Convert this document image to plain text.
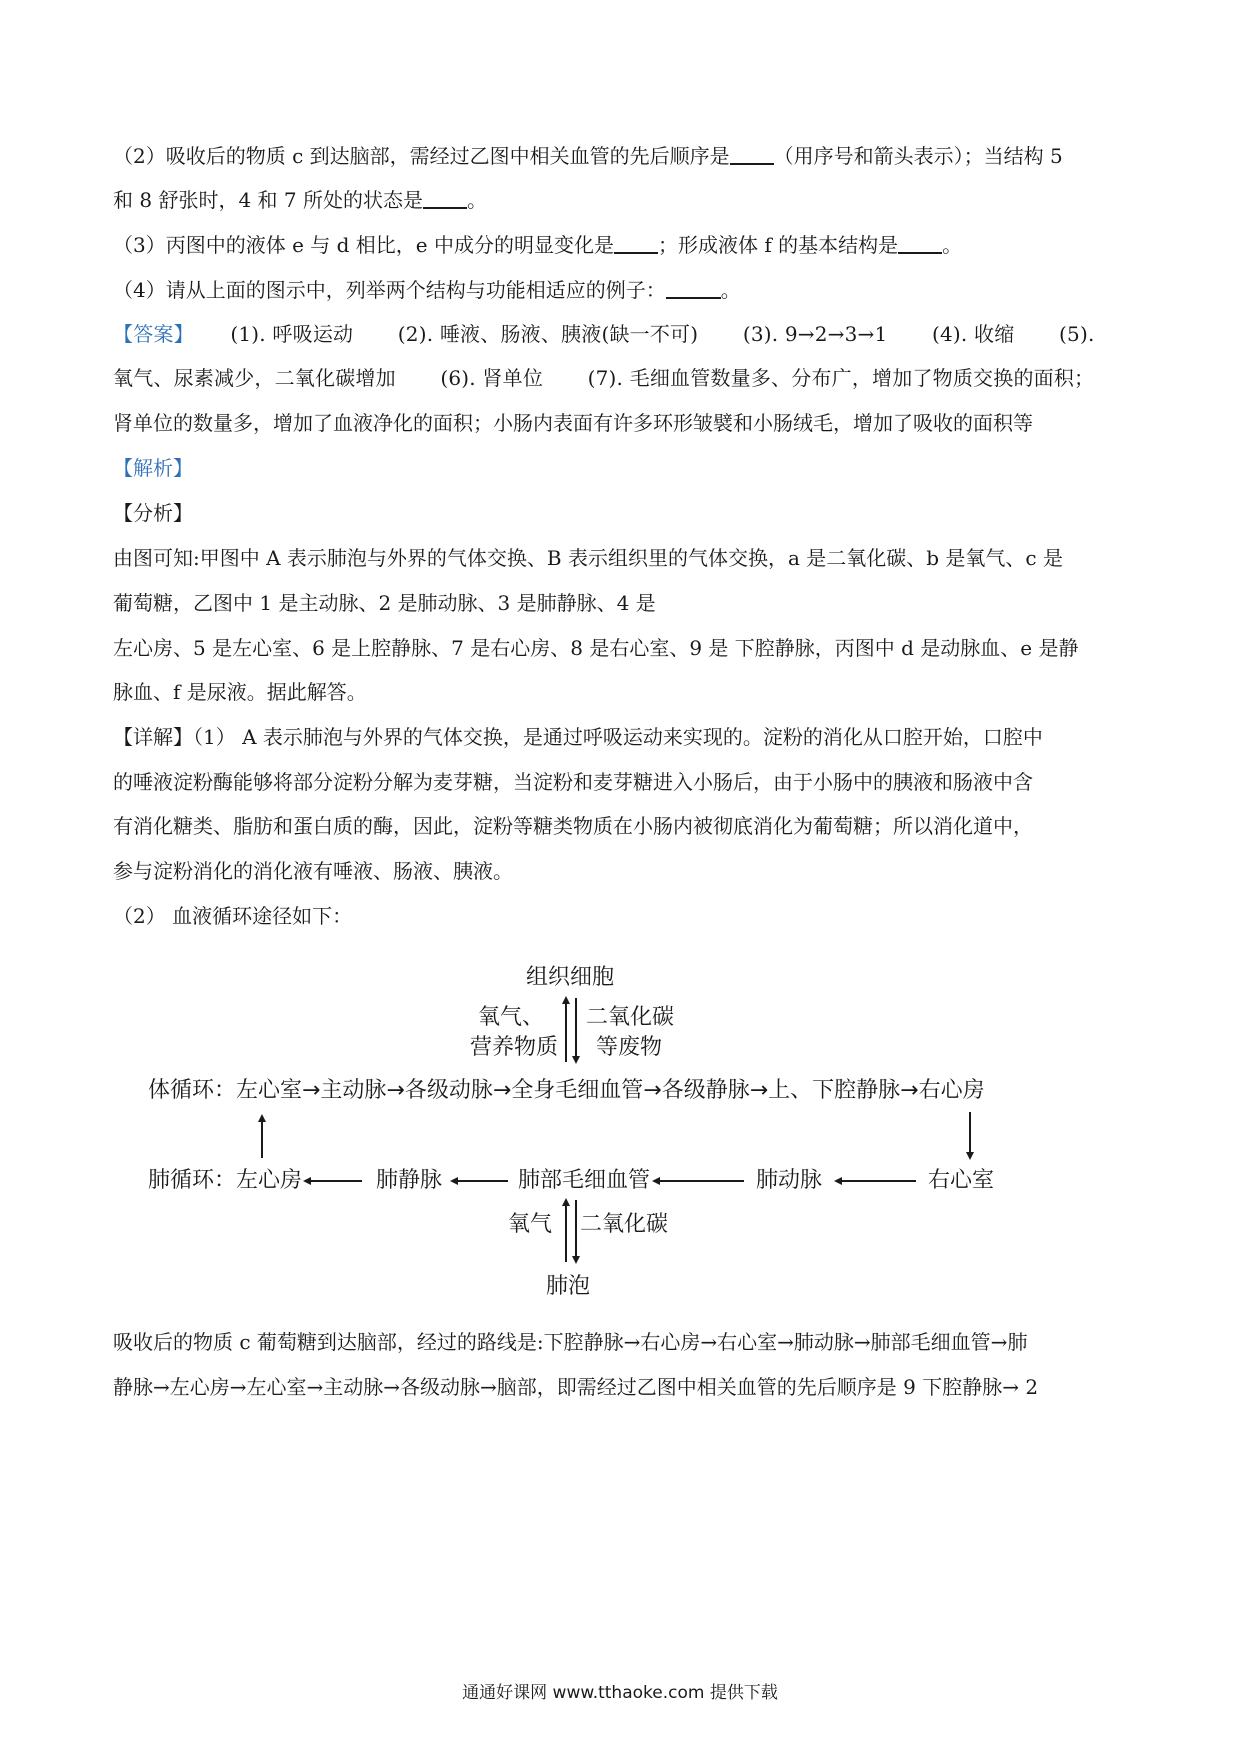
（2）吸收后的物质 c 到达脑部，需经过乙图中相关血管的先后顺序是 （用序号和箭头表示）；当结构 5
和 8 舒张时，4 和 7 所处的状态是 。
（3）丙图中的液体 e 与 d 相比，e 中成分的明显变化是 ；形成液体 f 的基本结构是 。
（4）请从上面的图示中，列举两个结构与功能相适应的例子：	。
【答案】 (1). 呼吸运动 (2). 唾液、肠液、胰液(缺一不可) (3). 9→2→3→1 (4). 收缩 (5).
氧气、尿素减少，二氧化碳增加 (6). 肾单位 (7). 毛细血管数量多、分布广，增加了物质交换的面积；
肾单位的数量多，增加了血液净化的面积；小肠内表面有许多环形皱襞和小肠绒毛，增加了吸收的面积等
【解析】
【分析】
由图可知:甲图中 A 表示肺泡与外界的气体交换、B 表示组织里的气体交换，a 是二氧化碳、b 是氧气、c 是
葡萄糖，乙图中 1 是主动脉、2 是肺动脉、3 是肺静脉、4 是
左心房、5 是左心室、6 是上腔静脉、7 是右心房、8 是右心室、9 是 下腔静脉，丙图中 d 是动脉血、e 是静
脉血、f 是尿液。据此解答。
【详解】（1） A 表示肺泡与外界的气体交换，是通过呼吸运动来实现的。淀粉的消化从口腔开始，口腔中
的唾液淀粉酶能够将部分淀粉分解为麦芽糖，当淀粉和麦芽糖进入小肠后，由于小肠中的胰液和肠液中含
有消化糖类、脂肪和蛋白质的酶，因此，淀粉等糖类物质在小肠内被彻底消化为葡萄糖；所以消化道中，
参与淀粉消化的消化液有唾液、肠液、胰液。
（2） 血液循环途径如下：
组织细胞
氧气、
营养物质
二氧化碳
等废物
体循环：左心室→主动脉→各级动脉→全身毛细血管→各级静脉→上、下腔静脉→右心房
肺循环：左心房	肺静脉	肺部毛细血管	肺动脉	右心室
氧气 二氧化碳
肺泡
吸收后的物质 c 葡萄糖到达脑部，经过的路线是:下腔静脉→右心房→右心室→肺动脉→肺部毛细血管→肺
静脉→左心房→左心室→主动脉→各级动脉→脑部，即需经过乙图中相关血管的先后顺序是 9 下腔静脉→ 2
通通好课网 www.tthaoke.com 提供下载
